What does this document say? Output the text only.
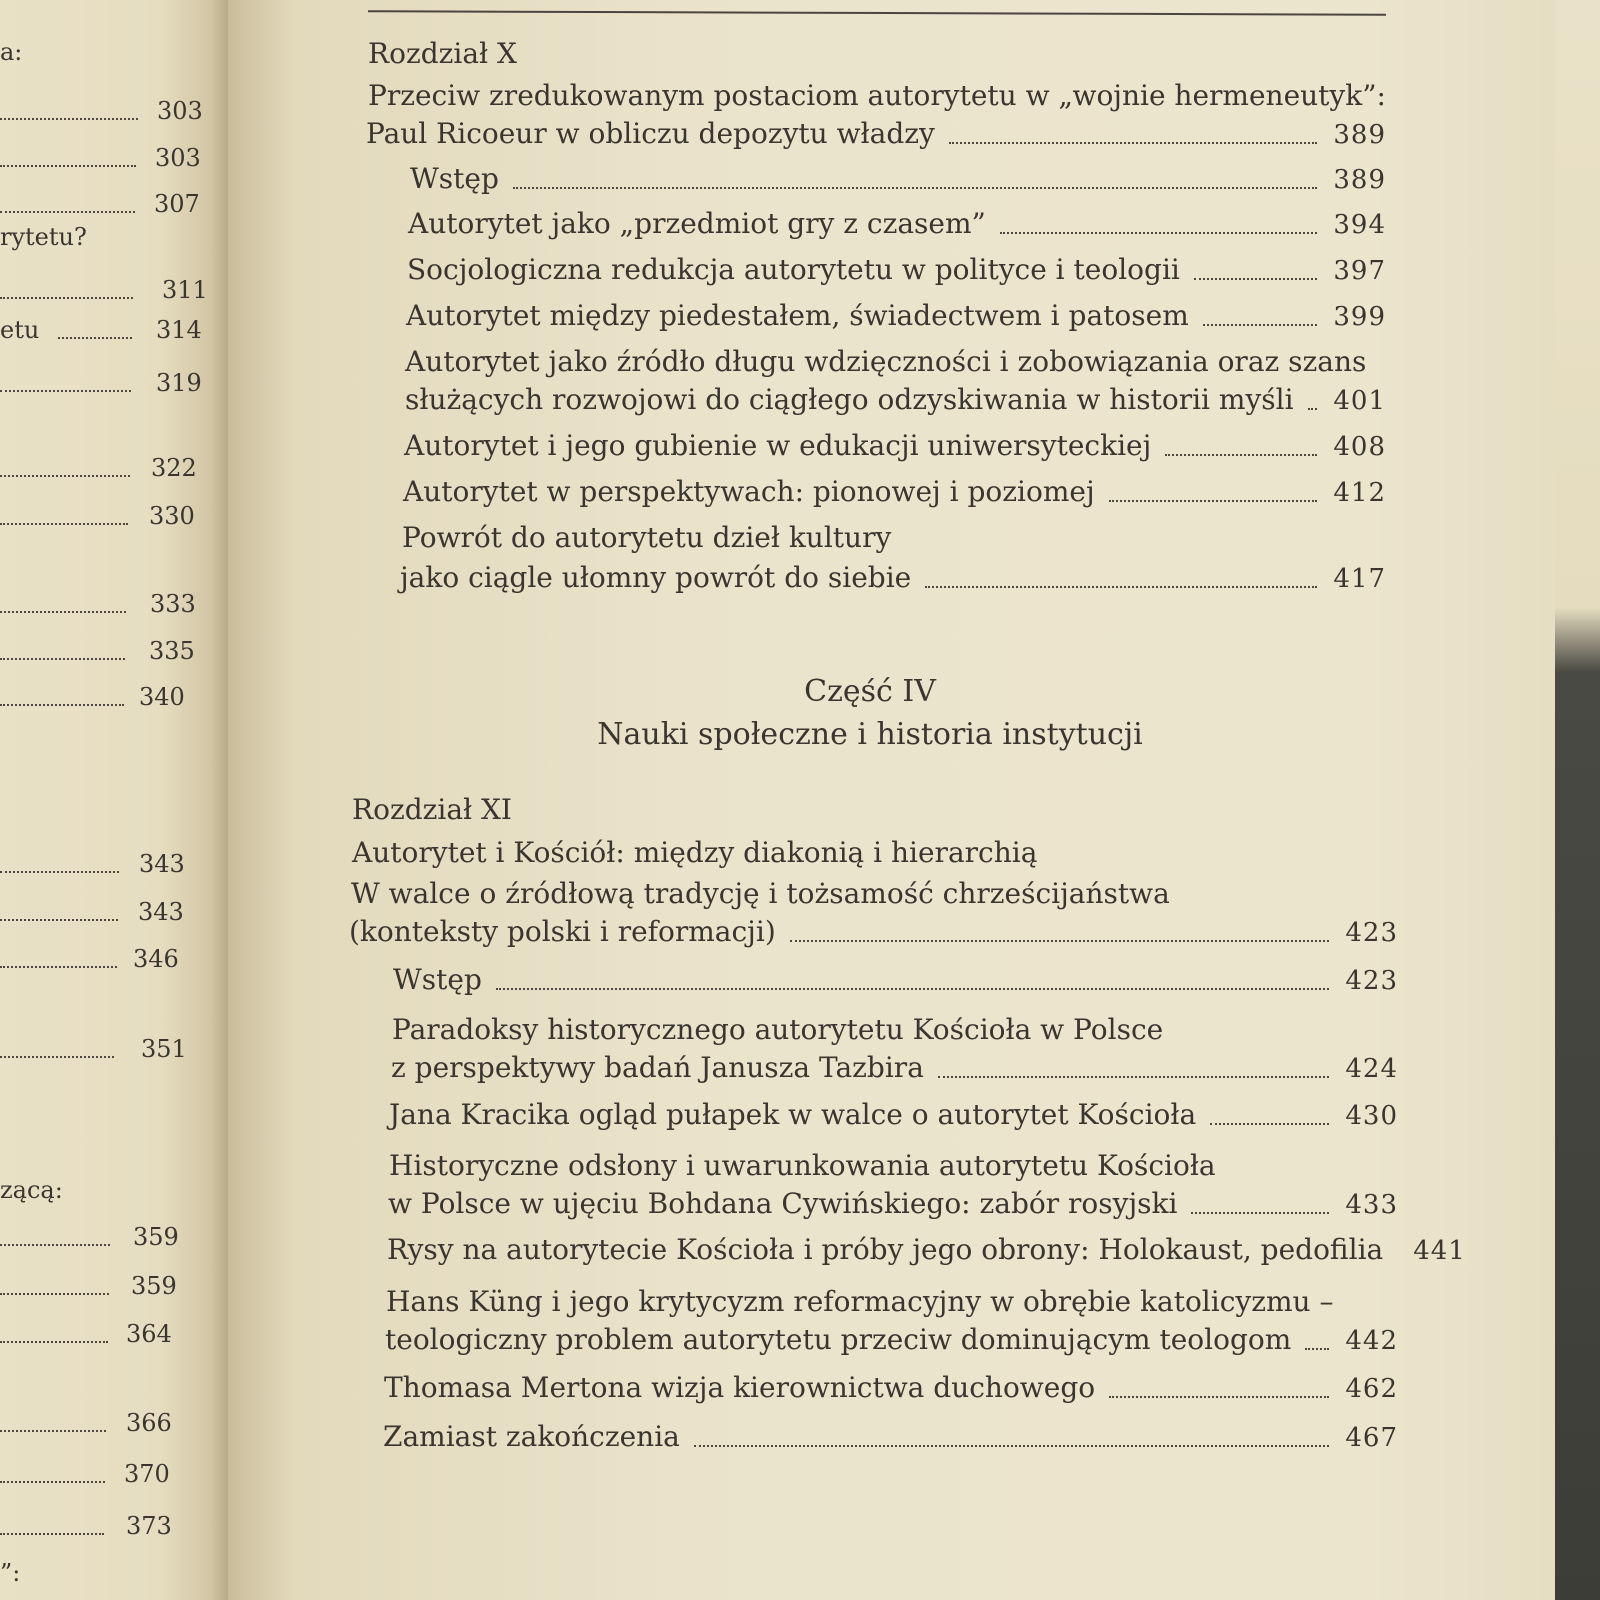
a:
303
303
307
rytetu?
311
etu	314
319
322
330
333
335
340
343
343
346
351
zącą:
359
359
364
366
370
373
”:
Rozdział X
Przeciw zredukowanym postaciom autorytetu w „wojnie hermeneutyk”:
Paul Ricoeur w obliczu depozytu władzy	389
Wstęp	389
Autorytet jako „przedmiot gry z czasem”	394
Socjologiczna redukcja autorytetu w polityce i teologii	397
Autorytet między piedestałem, świadectwem i patosem	399
Autorytet jako źródło długu wdzięczności i zobowiązania oraz szans
służących rozwojowi do ciągłego odzyskiwania w historii myśli 401
Autorytet i jego gubienie w edukacji uniwersyteckiej	408
Autorytet w perspektywach: pionowej i poziomej	412
Powrót do autorytetu dzieł kultury
jako ciągle ułomny powrót do siebie	417
Część IV
Nauki społeczne i historia instytucji
Rozdział XI
Autorytet i Kościół: między diakonią i hierarchią
W walce o źródłową tradycję i tożsamość chrześcijaństwa
(konteksty polski i reformacji)	423
Wstęp	423
Paradoksy historycznego autorytetu Kościoła w Polsce
z perspektywy badań Janusza Tazbira	424
Jana Kracika ogląd pułapek w walce o autorytet Kościoła	430
Historyczne odsłony i uwarunkowania autorytetu Kościoła
w Polsce w ujęciu Bohdana Cywińskiego: zabór rosyjski	433
Rysy na autorytecie Kościoła i próby jego obrony: Holokaust, pedofilia 441
Hans Küng i jego krytycyzm reformacyjny w obrębie katolicyzmu –
teologiczny problem autorytetu przeciw dominującym teologom 442
Thomasa Mertona wizja kierownictwa duchowego	462
Zamiast zakończenia	467
